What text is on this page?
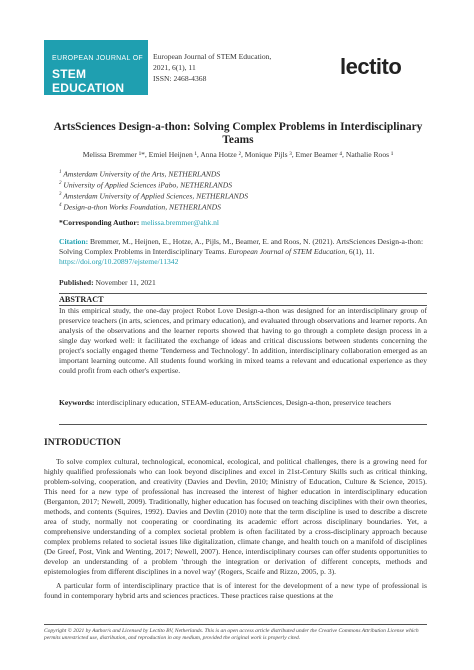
EUROPEAN JOURNAL OF
STEM EDUCATION
European Journal of STEM Education,
2021, 6(1), 11
ISSN: 2468-4368	lectito
ArtsSciences Design-a-thon: Solving Complex Problems in Interdisciplinary Teams
Melissa Bremmer ¹*, Emiel Heijnen ¹, Anna Hotze ², Monique Pijls ³, Emer Beamer ⁴, Nathalie Roos ¹
$^1$ Amsterdam University of the Arts, NETHERLANDS
$^2$ University of Applied Sciences iPabo, NETHERLANDS
$^3$ Amsterdam University of Applied Sciences, NETHERLANDS
$^4$ Design-a-thon Works Foundation, NETHERLANDS
*Corresponding Author: melissa.bremmer@ahk.nl
Citation: Bremmer, M., Heijnen, E., Hotze, A., Pijls, M., Beamer, E. and Roos, N. (2021). ArtsSciences Design-a-thon: Solving Complex Problems in Interdisciplinary Teams. European Journal of STEM Education, 6(1), 11. https://doi.org/10.20897/ejsteme/11342
Published: November 11, 2021
ABSTRACT
In this empirical study, the one-day project Robot Love Design-a-thon was designed for an interdisciplinary group of preservice teachers (in arts, sciences, and primary education), and evaluated through observations and learner reports. An analysis of the observations and the learner reports showed that having to go through a complete design process in a single day worked well: it facilitated the exchange of ideas and critical discussions between students concerning the project's socially engaged theme 'Tenderness and Technology'. In addition, interdisciplinary collaboration emerged as an important learning outcome. All students found working in mixed teams a relevant and educational experience as they could profit from each other's expertise.
Keywords: interdisciplinary education, STEAM-education, ArtsSciences, Design-a-thon, preservice teachers
INTRODUCTION

To solve complex cultural, technological, economical, ecological, and political challenges, there is a growing need for highly qualified professionals who can look beyond disciplines and excel in 21st-Century Skills such as critical thinking, problem-solving, cooperation, and creativity (Davies and Devlin, 2010; Ministry of Education, Culture & Science, 2015). This need for a new type of professional has increased the interest of higher education in interdisciplinary education (Berganton, 2017; Newell, 2009). Traditionally, higher education has focused on teaching disciplines with their own theories, methods, and contents (Squires, 1992). Davies and Devlin (2010) note that the term discipline is used to describe a discrete area of study, normally not cooperating or coordinating its academic effort across disciplinary boundaries. Yet, a comprehensive understanding of a complex societal problem is often facilitated by a cross-disciplinary approach because complex problems related to societal issues like digitalization, climate change, and health touch on a manifold of disciplines (De Greef, Post, Vink and Wenting, 2017; Newell, 2007). Hence, interdisciplinary courses can offer students opportunities to develop an understanding of a problem 'through the integration or derivation of different concepts, methods and epistemologies from different disciplines in a novel way' (Rogers, Scaife and Rizzo, 2005, p. 3).

A particular form of interdisciplinary practice that is of interest for the development of a new type of professional is found in contemporary hybrid arts and sciences practices. These practices raise questions at the

Copyright © 2021 by Author/s and Licensed by Lectito BV, Netherlands. This is an open access article distributed under the Creative Commons Attribution License which permits unrestricted use, distribution, and reproduction in any medium, provided the original work is properly cited.
